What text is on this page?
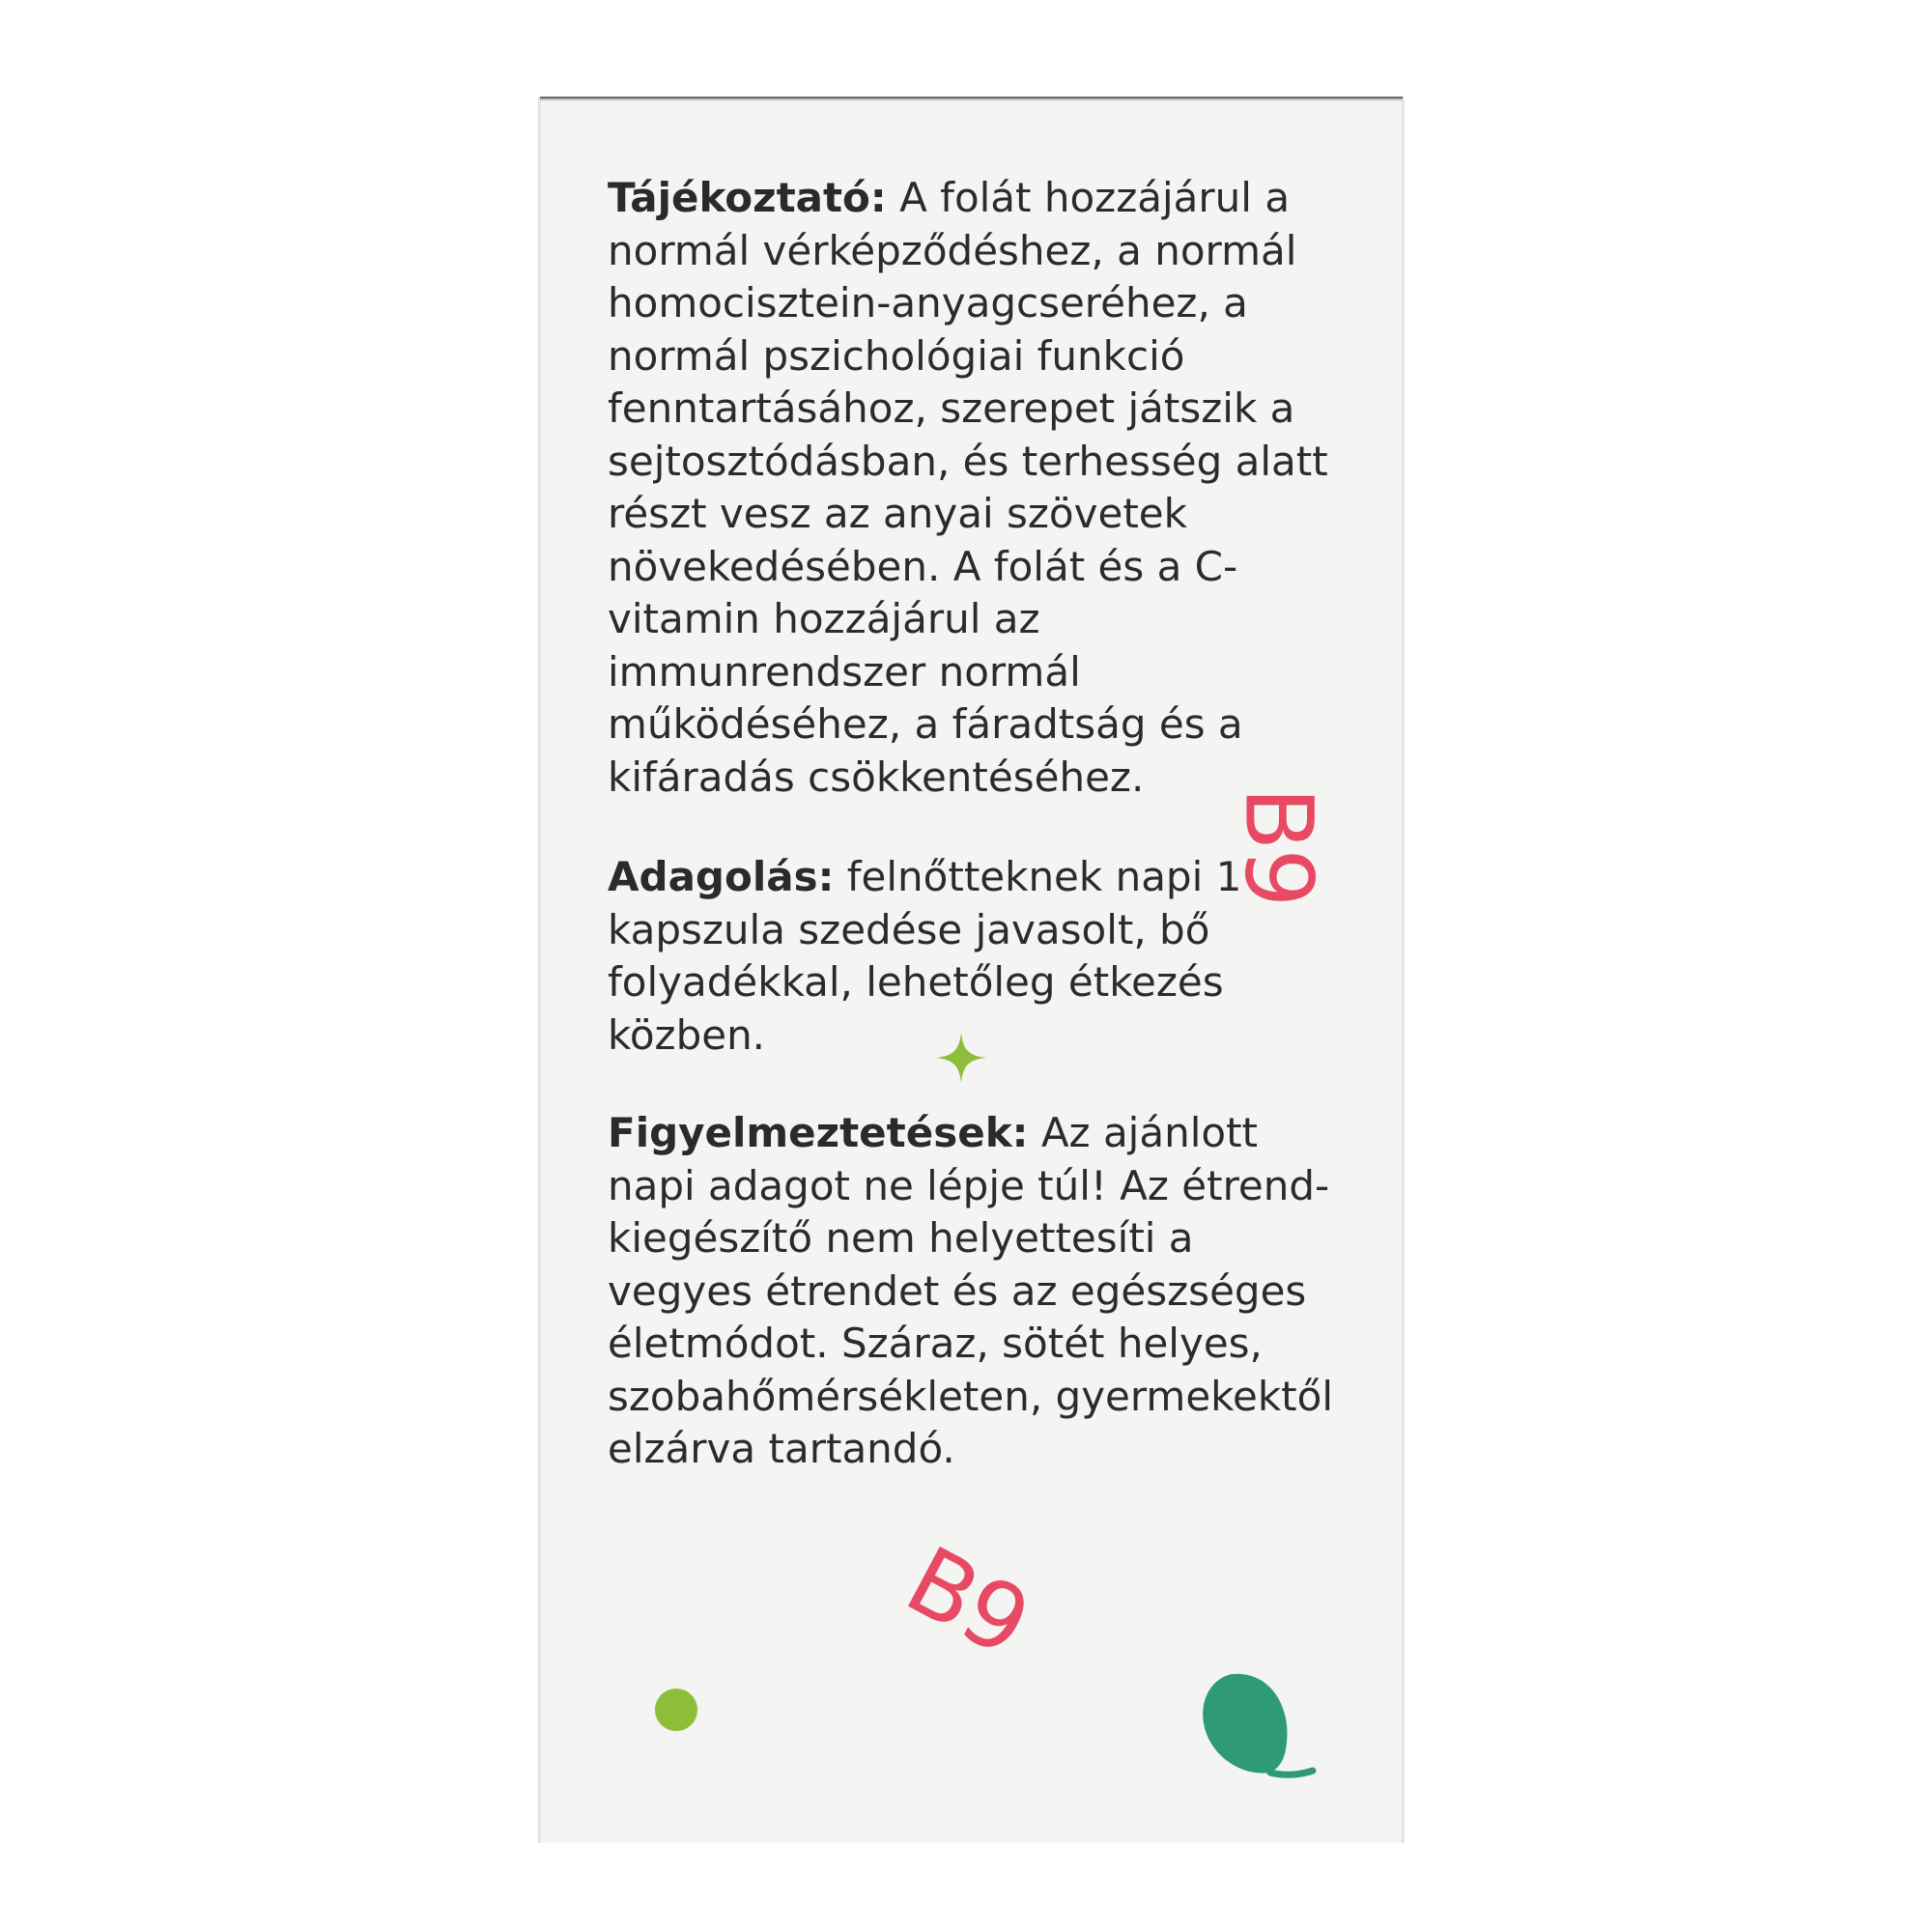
Tájékoztató: A folát hozzájárul a normál vérképződéshez, a normál homocisztein-anyagcseréhez, a normál pszichológiai funkció fenntartásához, szerepet játszik a sejtosztódásban, és terhesség alatt részt vesz az anyai szövetek növekedésében. A folát és a C-vitamin hozzájárul az immunrendszer normál működéséhez, a fáradtság és a kifáradás csökkentéséhez.

Adagolás: felnőtteknek napi 1 kapszula szedése javasolt, bő folyadékkal, lehetőleg étkezés közben.

Figyelmeztetések: Az ajánlott napi adagot ne lépje túl! Az étrend-kiegészítő nem helyettesíti a vegyes étrendet és az egészséges életmódot. Száraz, sötét helyes, szobahőmérsékleten, gyermekektől elzárva tartandó.

B9
B9
